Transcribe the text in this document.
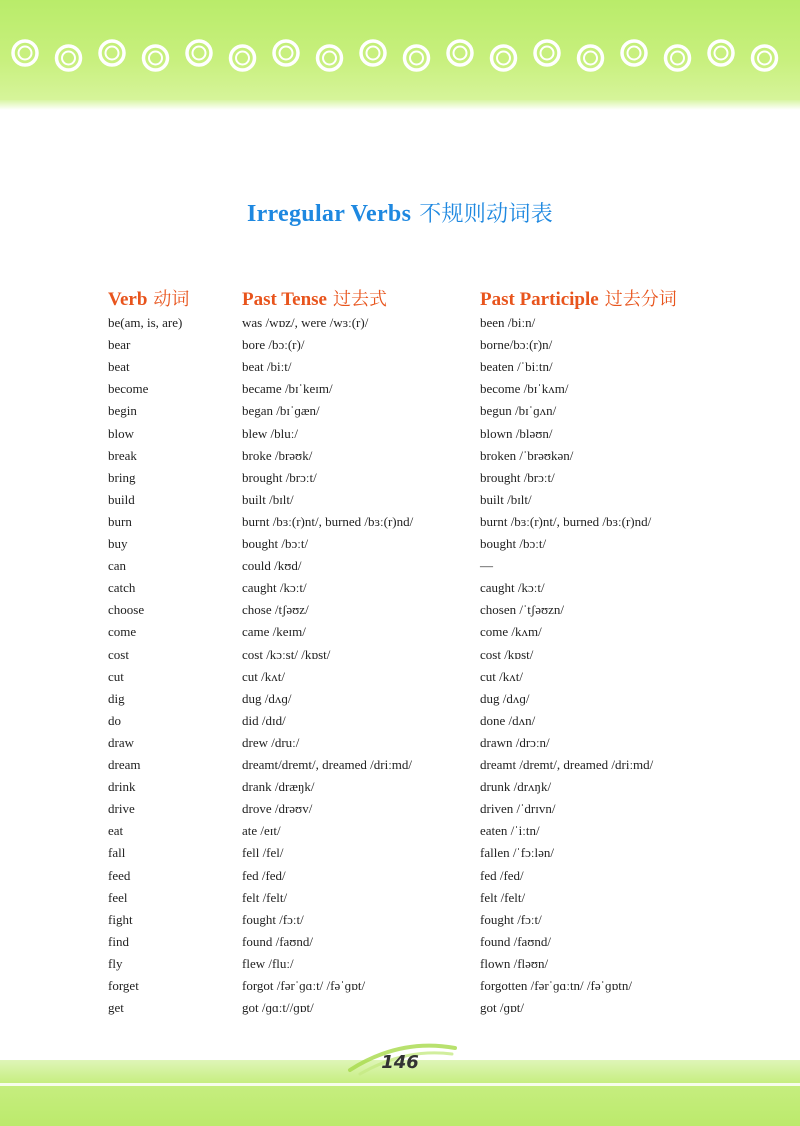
Irregular Verbs 不规则动词表
Verb 动词	Past Tense 过去式	Past Participle 过去分词
be(am, is, are)	was /wɒz/, were /wɜː(r)/	been /biːn/
bear	bore /bɔː(r)/	borne/bɔː(r)n/
beat	beat /biːt/	beaten /ˈbiːtn/
become	became /bɪˈkeɪm/	become /bɪˈkʌm/
begin	began /bɪˈɡæn/	begun /bɪˈɡʌn/
blow	blew /bluː/	blown /bləʊn/
break	broke /brəʊk/	broken /ˈbrəʊkən/
bring	brought /brɔːt/	brought /brɔːt/
build	built /bɪlt/	built /bɪlt/
burn	burnt /bɜː(r)nt/, burned /bɜː(r)nd/	burnt /bɜː(r)nt/, burned /bɜː(r)nd/
buy	bought /bɔːt/	bought /bɔːt/
can	could /kʊd/	—
catch	caught /kɔːt/	caught /kɔːt/
choose	chose /tʃəʊz/	chosen /ˈtʃəʊzn/
come	came /keɪm/	come /kʌm/
cost	cost /kɔːst/ /kɒst/	cost /kɒst/
cut	cut /kʌt/	cut /kʌt/
dig	dug /dʌɡ/	dug /dʌɡ/
do	did /dɪd/	done /dʌn/
draw	drew /druː/	drawn /drɔːn/
dream	dreamt/dremt/, dreamed /driːmd/	dreamt /dremt/, dreamed /driːmd/
drink	drank /dræŋk/	drunk /drʌŋk/
drive	drove /drəʊv/	driven /ˈdrɪvn/
eat	ate /eɪt/	eaten /ˈiːtn/
fall	fell /fel/	fallen /ˈfɔːlən/
feed	fed /fed/	fed /fed/
feel	felt /felt/	felt /felt/
fight	fought /fɔːt/	fought /fɔːt/
find	found /faʊnd/	found /faʊnd/
fly	flew /fluː/	flown /fləʊn/
forget	forgot /fərˈɡɑːt/ /fəˈɡɒt/	forgotten /fərˈɡɑːtn/ /fəˈɡɒtn/
get	got /ɡɑːt//ɡɒt/	got /ɡɒt/
146
